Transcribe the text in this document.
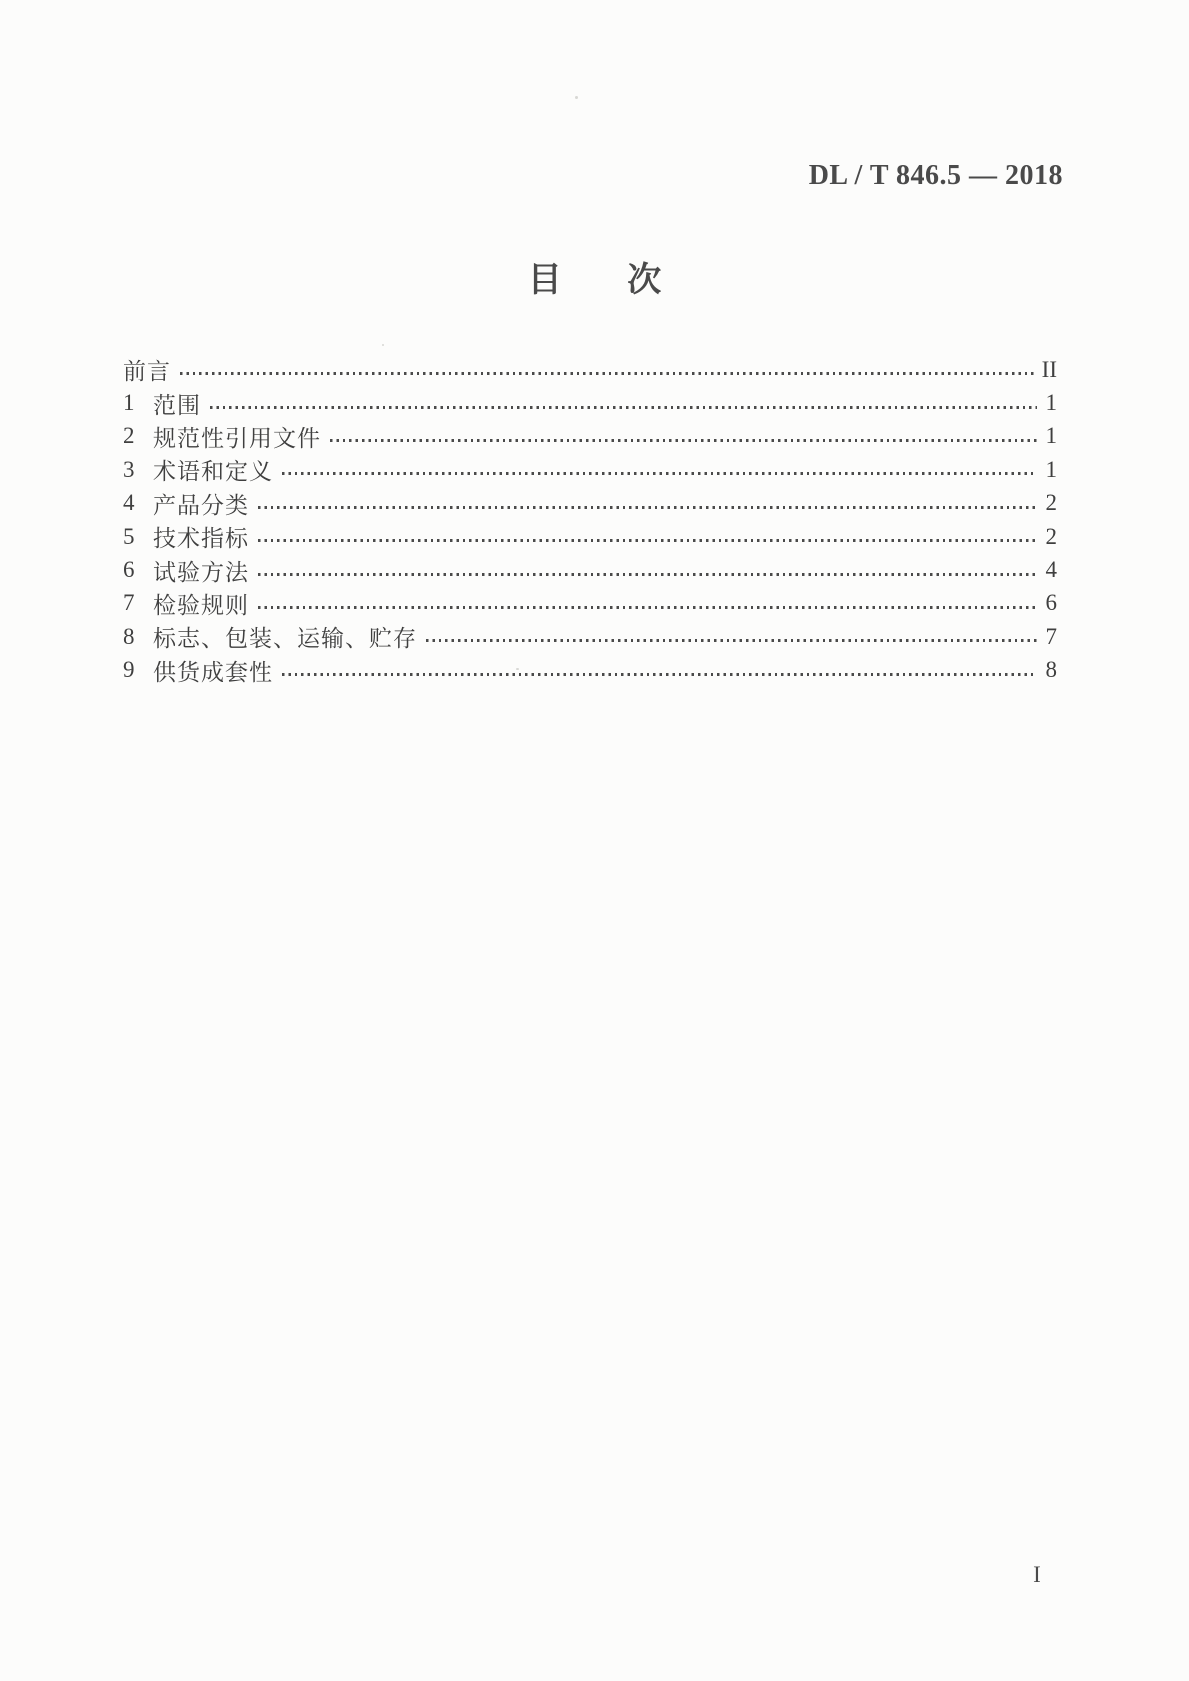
DL / T 846.5 — 2018
目 次
前言	II
1 范围	1
2 规范性引用文件	1
3 术语和定义	1
4 产品分类	2
5 技术指标	2
6 试验方法	4
7 检验规则	6
8 标志、包装、运输、贮存	7
9 供货成套性	8
I
